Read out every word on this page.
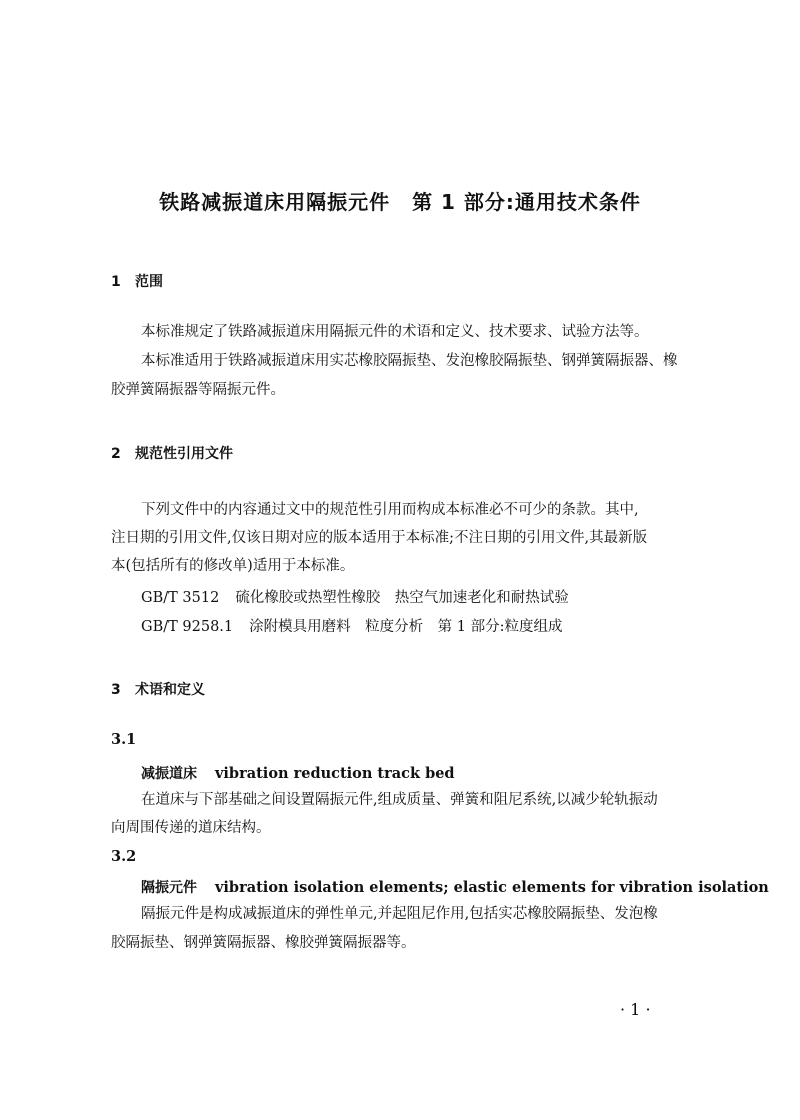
铁路减振道床用隔振元件 第 1 部分:通用技术条件
1 范围
本标准规定了铁路减振道床用隔振元件的术语和定义、技术要求、试验方法等。
本标准适用于铁路减振道床用实芯橡胶隔振垫、发泡橡胶隔振垫、钢弹簧隔振器、橡
胶弹簧隔振器等隔振元件。
2 规范性引用文件
下列文件中的内容通过文中的规范性引用而构成本标准必不可少的条款。其中,
注日期的引用文件,仅该日期对应的版本适用于本标准;不注日期的引用文件,其最新版
本(包括所有的修改单)适用于本标准。
GB/T 3512 硫化橡胶或热塑性橡胶　热空气加速老化和耐热试验
GB/T 9258.1 涂附模具用磨料　粒度分析　第 1 部分:粒度组成
3 术语和定义
3.1
减振道床 vibration reduction track bed
在道床与下部基础之间设置隔振元件,组成质量、弹簧和阻尼系统,以减少轮轨振动
向周围传递的道床结构。
3.2
隔振元件 vibration isolation elements; elastic elements for vibration isolation
隔振元件是构成减振道床的弹性单元,并起阻尼作用,包括实芯橡胶隔振垫、发泡橡
胶隔振垫、钢弹簧隔振器、橡胶弹簧隔振器等。
· 1 ·
